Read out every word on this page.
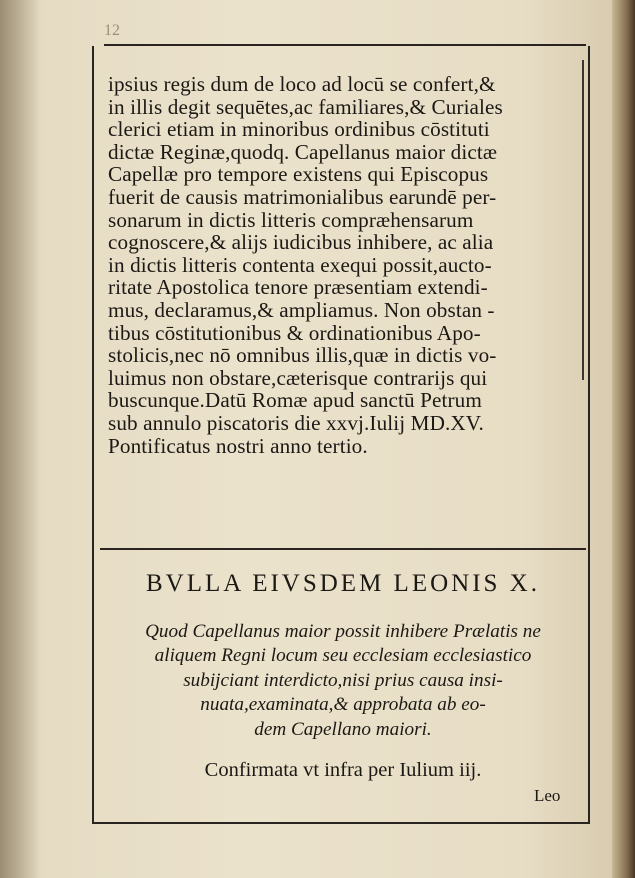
12
ipsius regis dum de loco ad locū se confert,&
in illis degit sequētes,ac familiares,& Curiales
clerici etiam in minoribus ordinibus cōstituti
dictæ Reginæ,quodq. Capellanus maior dictæ
Capellæ pro tempore existens qui Episcopus
fuerit de causis matrimonialibus earundē per-
sonarum in dictis litteris compræhensarum
cognoscere,& alijs iudicibus inhibere, ac alia
in dictis litteris contenta exequi possit,aucto-
ritate Apostolica tenore præsentiam extendi-
mus, declaramus,& ampliamus. Non obstan -
tibus cōstitutionibus & ordinationibus Apo-
stolicis,nec nō omnibus illis,quæ in dictis vo-
luimus non obstare,cæterisque contrarijs qui
buscunque.Datū Romæ apud sanctū Petrum
sub annulo piscatoris die xxvj.Iulij MD.XV.
Pontificatus nostri anno tertio.
BVLLA EIVSDEM LEONIS X.
Quod Capellanus maior possit inhibere Prælatis ne
aliquem Regni locum seu ecclesiam ecclesiastico
subijciant interdicto,nisi prius causa insi-
nuata,examinata,& approbata ab eo-
dem Capellano maiori.
Confirmata vt infra per Iulium iij.
Leo
